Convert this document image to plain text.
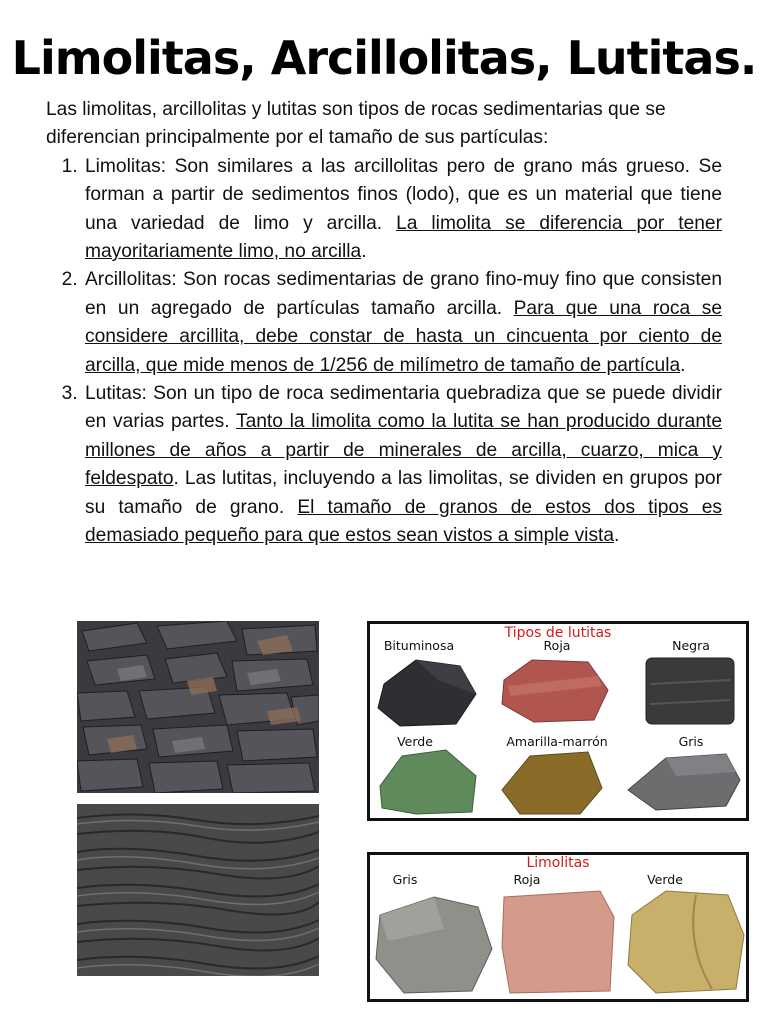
Limolitas, Arcillolitas, Lutitas.

Las limolitas, arcillolitas y lutitas son tipos de rocas sedimentarias que se diferencian principalmente por el tamaño de sus partículas:

1. Limolitas: Son similares a las arcillolitas pero de grano más grueso. Se forman a partir de sedimentos finos (lodo), que es un material que tiene una variedad de limo y arcilla. La limolita se diferencia por tener mayoritariamente limo, no arcilla.
2. Arcillolitas: Son rocas sedimentarias de grano fino-muy fino que consisten en un agregado de partículas tamaño arcilla. Para que una roca se considere arcillita, debe constar de hasta un cincuenta por ciento de arcilla, que mide menos de 1/256 de milímetro de tamaño de partícula.
3. Lutitas: Son un tipo de roca sedimentaria quebradiza que se puede dividir en varias partes. Tanto la limolita como la lutita se han producido durante millones de años a partir de minerales de arcilla, cuarzo, mica y feldespato. Las lutitas, incluyendo a las limolitas, se dividen en grupos por su tamaño de grano. El tamaño de granos de estos dos tipos es demasiado pequeño para que estos sean vistos a simple vista.
Tipos de lutitas
Bituminosa	Roja	Negra
Verde	Amarilla-marrón	Gris
Limolitas
Gris	Roja	Verde
